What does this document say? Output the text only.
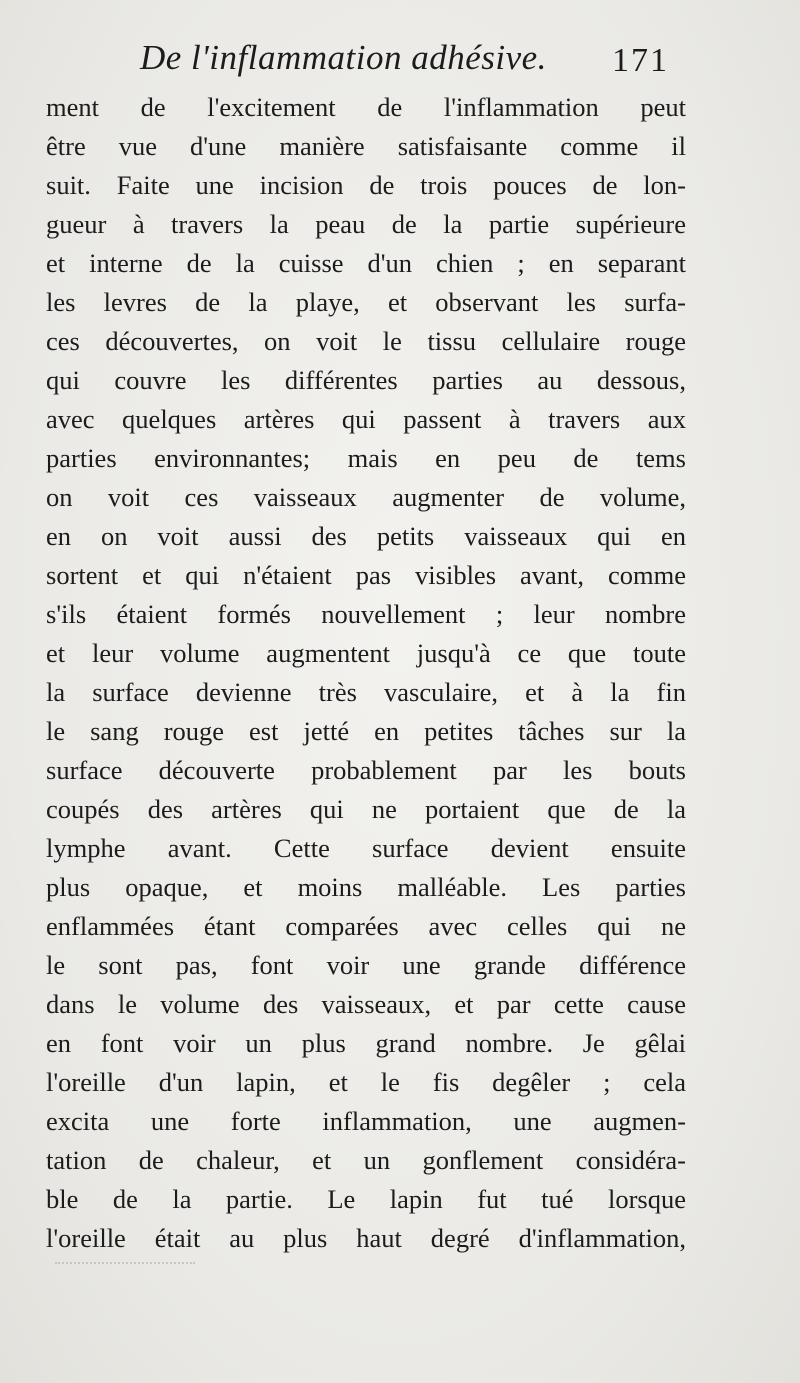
De l'inflammation adhésive. 171
ment de l'excitement de l'inflammation peut
être vue d'une manière satisfaisante comme il
suit. Faite une incision de trois pouces de lon-
gueur à travers la peau de la partie supérieure
et interne de la cuisse d'un chien ; en separant
les levres de la playe, et observant les surfa-
ces découvertes, on voit le tissu cellulaire rouge
qui couvre les différentes parties au dessous,
avec quelques artères qui passent à travers aux
parties environnantes; mais en peu de tems
on voit ces vaisseaux augmenter de volume,
en on voit aussi des petits vaisseaux qui en
sortent et qui n'étaient pas visibles avant, comme
s'ils étaient formés nouvellement ; leur nombre
et leur volume augmentent jusqu'à ce que toute
la surface devienne très vasculaire, et à la fin
le sang rouge est jetté en petites tâches sur la
surface découverte probablement par les bouts
coupés des artères qui ne portaient que de la
lymphe avant. Cette surface devient ensuite
plus opaque, et moins malléable. Les parties
enflammées étant comparées avec celles qui ne
le sont pas, font voir une grande différence
dans le volume des vaisseaux, et par cette cause
en font voir un plus grand nombre. Je gêlai
l'oreille d'un lapin, et le fis degêler ; cela
excita une forte inflammation, une augmen-
tation de chaleur, et un gonflement considéra-
ble de la partie. Le lapin fut tué lorsque
l'oreille était au plus haut degré d'inflammation,
